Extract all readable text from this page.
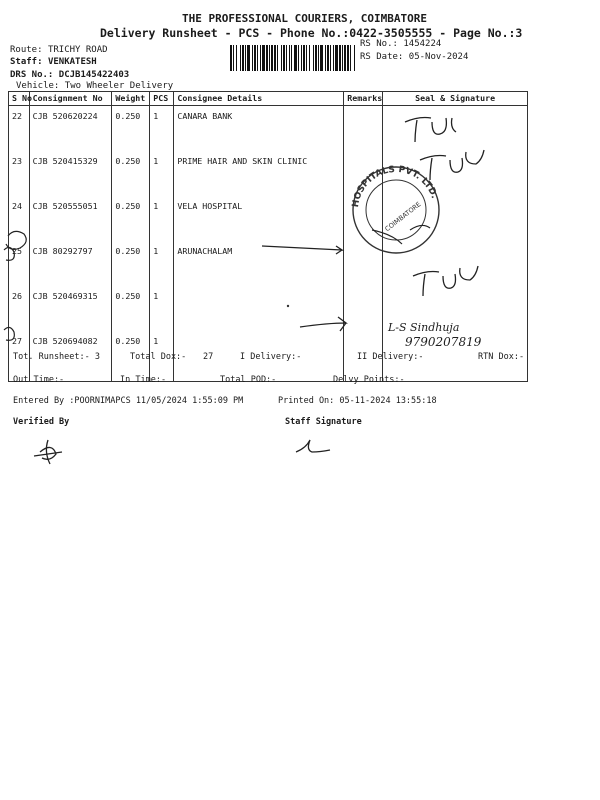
THE PROFESSIONAL COURIERS, COIMBATORE
Delivery Runsheet - PCS - Phone No.:0422-3505555 - Page No.:3
Route: TRICHY ROAD
Staff: VENKATESH
DRS No.: DCJB145422403
Vehicle: Two Wheeler Delivery
RS No.: 1454224
RS Date: 05-Nov-2024
S No	Consignment No	Weight	PCS	Consignee Details	Remarks	Seal & Signature
22	CJB 520620224	0.250	1	CANARA BANK		
23	CJB 520415329	0.250	1	PRIME HAIR AND SKIN CLINIC		
24	CJB 520555051	0.250	1	VELA HOSPITAL		
25	CJB 80292797	0.250	1	ARUNACHALAM		
26	CJB 520469315	0.250	1			
27	CJB 520694082	0.250	1			
Tot. Runsheet:- 3	Total Dox:- 27	I Delivery:-	II Delivery:-	RTN Dox:-
Out Time:-	In Time:-	Total POD:-	Delvy Points:-
Entered By :POORNIMAPCS 11/05/2024 1:55:09 PM	Printed On: 05-11-2024 13:55:18
Verified By	Staff Signature
HOSPITALS PVT. LTD.
COIMBATORE
L-S Sindhuja
9790207819
